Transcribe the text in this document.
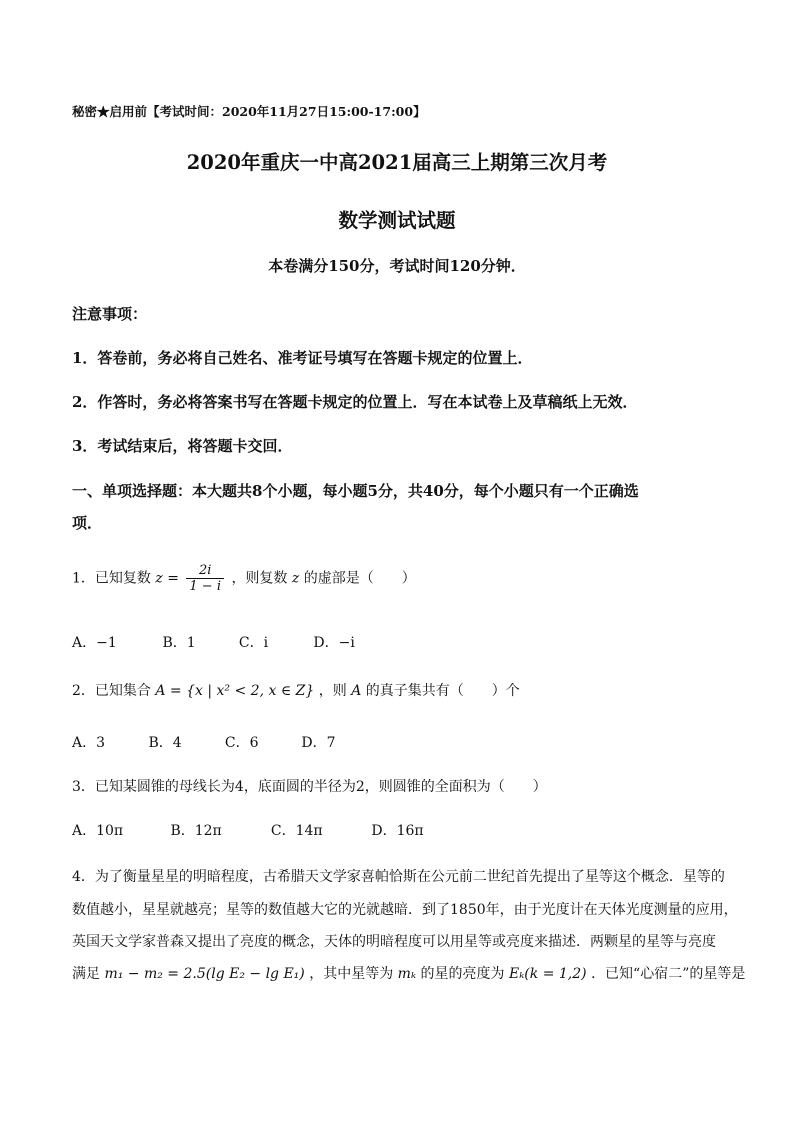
秘密★启用前【考试时间：2020年11月27日15:00-17:00】
2020年重庆一中高2021届高三上期第三次月考
数学测试试题
本卷满分150分，考试时间120分钟．
注意事项：
1．答卷前，务必将自己姓名、准考证号填写在答题卡规定的位置上．
2．作答时，务必将答案书写在答题卡规定的位置上．写在本试卷上及草稿纸上无效．
3．考试结束后，将答题卡交回．
一、单项选择题：本大题共8个小题，每小题5分，共40分，每个小题只有一个正确选
项．
1．已知复数 $z = \frac{2i}{1 - i}$ ，则复数 z 的虚部是（　　）
A．−1	B．1	C．i	D．−i
2．已知集合 A = {x | x² < 2, x ∈ Z} ，则 A 的真子集共有（　　）个
A．3	B．4	C．6	D．7
3．已知某圆锥的母线长为4，底面圆的半径为2，则圆锥的全面积为（　　）
A．10π	B．12π	C．14π	D．16π
4．为了衡量星星的明暗程度，古希腊天文学家喜帕恰斯在公元前二世纪首先提出了星等这个概念．星等的
数值越小，星星就越亮；星等的数值越大它的光就越暗．到了1850年，由于光度计在天体光度测量的应用，
英国天文学家普森又提出了亮度的概念，天体的明暗程度可以用星等或亮度来描述．两颗星的星等与亮度
满足 m₁ − m₂ = 2.5(lg E₂ − lg E₁) ，其中星等为 mₖ 的星的亮度为 Eₖ(k = 1,2) ．已知“心宿二”的星等是
